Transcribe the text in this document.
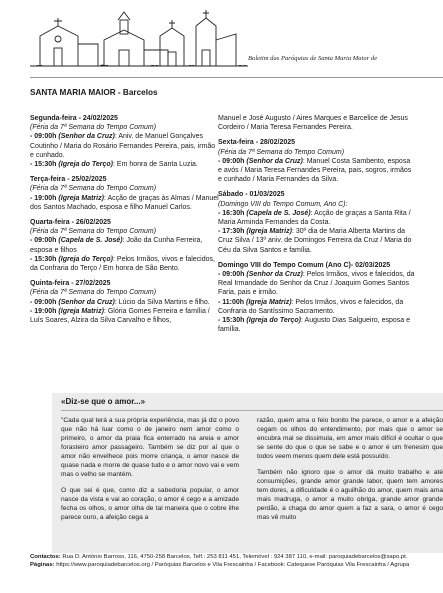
Boletim das Paróquias de Santa Maria Maior de
SANTA MARIA MAIOR - Barcelos
Segunda-feira - 24/02/2025
(Féria da 7ª Semana do Tempo Comum)

- 09:00h (Senhor da Cruz): Aniv. de Manuel Gonçalves Coutinho / Maria do Rosário Fernandes Pereira, pais, irmão e cunhado.

- 15:30h (Igreja do Terço): Em honra de Santa Luzia.

Terça-feira - 25/02/2025
(Féria da 7ª Semana do Tempo Comum)

- 19:00h (Igreja Matriz): Acção de graças às Almas / Manuel dos Santos Machado, esposa e filho Manuel Carlos.

Quarta-feira - 26/02/2025
(Féria da 7ª Semana do Tempo Comum)

- 09:00h (Capela de S. José): João da Cunha Ferreira, esposa e filhos

- 15:30h (Igreja do Terço): Pelos Irmãos, vivos e falecidos, da Confraria do Terço / Em honra de São Bento.

Quinta-feira - 27/02/2025
(Féria da 7ª Semana do Tempo Comum)

- 09:00h (Senhor da Cruz): Lúcio da Silva Martins e filho.

- 19:00h (Igreja Matriz): Glória Gomes Ferreira e família / Luís Soares, Alzira da Silva Carvalho e filhos,

Manuel e José Augusto / Aires Marques e Barcelice de Jesus Cordeiro / Maria Teresa Fernandes Pereira.

Sexta-feira - 28/02/2025
(Féria da 7ª Semana do Tempo Comum)

- 09:00h (Senhor da Cruz): Manuel Costa Sambento, esposa e avós / Maria Teresa Fernandes Pereira, pais, sogros, irmãos e cunhado / Maria Fernandes da Silva.

Sábado - 01/03/2025
(Domingo VIII do Tempo Comum, Ano C):

- 16:30h (Capela de S. José): Acção de graças a Santa Rita / Maria Arminda Fernandes da Costa.

- 17:30h (Igreja Matriz): 30º dia de Maria Alberta Martins da Cruz Silva / 13º aniv. de Domingos Ferreira da Cruz / Maria do Céu da Silva Santos e família.

Domingo VIII do Tempo Comum (Ano C)- 02/03/2025

- 09:00h (Senhor da Cruz): Pelos Irmãos, vivos e falecidos, da Real Irmandade do Senhor da Cruz / Joaquim Gomes Santos Faria, pais e irmão.

- 11:00h (Igreja Matriz): Pelos Irmãos, vivos e falecidos, da Confraria do Santíssimo Sacramento.

- 15:30h (Igreja do Terço): Augusto Dias Salgueiro, esposa e família.

«Diz-se que o amor...»

"Cada qual terá a sua própria experiência, mas já diz o povo que não há luar como o de janeiro nem amor como o primeiro, o amor da praia fica enterrado na areia e amor forasteiro amor passageiro. Também se diz por aí que o amor não envelhece pois morre criança, o amor nasce de quase nada e morre de quase tudo e o amor novo vai e vem mas o velho se mantém.

O que sei é que, como diz a sabedoria popular, o amor nasce da vista e vai ao coração, o amor é cego e a amizade fecha os olhos, o amor olha de tal maneira que o cobre ilhe parece ouro, a afeição cega a

razão, quem ama o feio bonito lhe parece, o amor e a afeição cegam os olhos do entendimento, por mais que o amor se encubra mal se dissimula, em amor mais difícil é ocultar o que se sente do que o que se sabe e o amor é um frenesim que todos veem menos quem dele está possuído.

Também não ignoro que o amor dá muito trabalho e até consumições, grande amor grande labor, quem tem amores tem dores, a dificuldade é o aguilhão do amor, quem mais ama mais madruga, o amor a muito obriga, grande amor grande perdão, a chaga do amor quem a faz a sara, o amor é cego mas vê muito

Contactos: Rua D. António Barroso, 116, 4750-258 Barcelos, Telf.: 253 811 451, Telemóvel : 924 387 110, e-mail: paroquiadebarcelos@sapo.pt.
Páginas: https://www.paroquiadebarcelos.org / Paróquias Barcelos e Vila Frescainha / Facebook: Catequese Paróquias Vila Frescainha / Agrupa
